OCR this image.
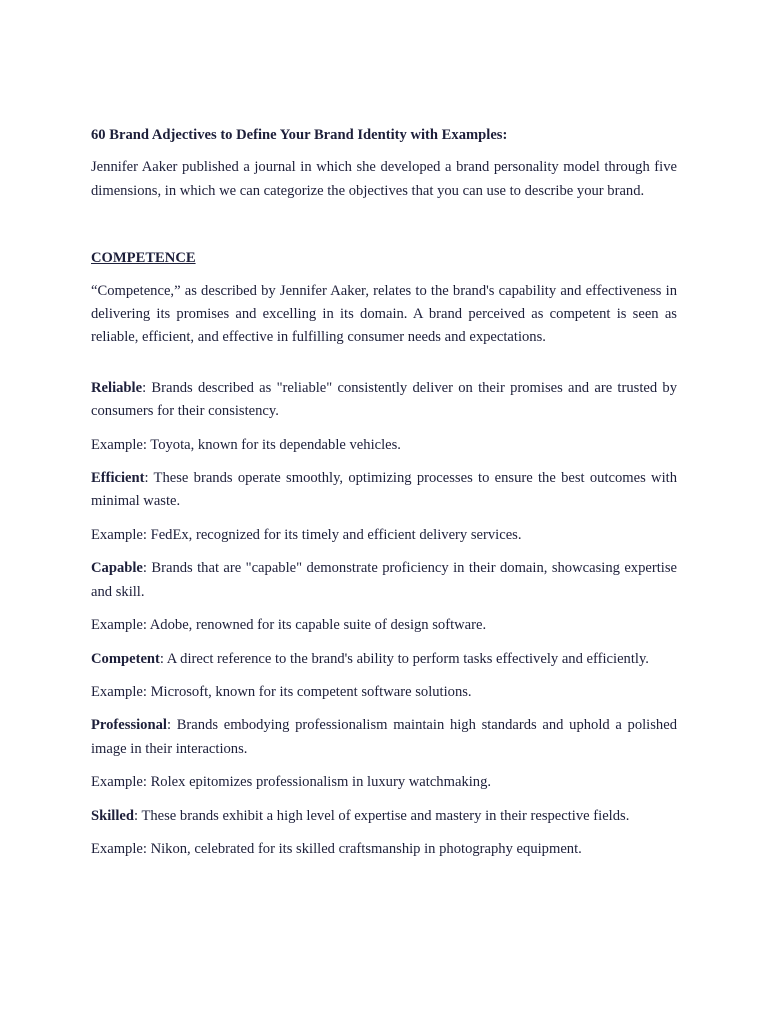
60 Brand Adjectives to Define Your Brand Identity with Examples:

Jennifer Aaker published a journal in which she developed a brand personality model through five dimensions, in which we can categorize the objectives that you can use to describe your brand.

COMPETENCE

“Competence,” as described by Jennifer Aaker, relates to the brand's capability and effectiveness in delivering its promises and excelling in its domain. A brand perceived as competent is seen as reliable, efficient, and effective in fulfilling consumer needs and expectations.

Reliable: Brands described as "reliable" consistently deliver on their promises and are trusted by consumers for their consistency.

Example: Toyota, known for its dependable vehicles.

Efficient: These brands operate smoothly, optimizing processes to ensure the best outcomes with minimal waste.

Example: FedEx, recognized for its timely and efficient delivery services.

Capable: Brands that are "capable" demonstrate proficiency in their domain, showcasing expertise and skill.

Example: Adobe, renowned for its capable suite of design software.

Competent: A direct reference to the brand's ability to perform tasks effectively and efficiently.

Example: Microsoft, known for its competent software solutions.

Professional: Brands embodying professionalism maintain high standards and uphold a polished image in their interactions.

Example: Rolex epitomizes professionalism in luxury watchmaking.

Skilled: These brands exhibit a high level of expertise and mastery in their respective fields.

Example: Nikon, celebrated for its skilled craftsmanship in photography equipment.
